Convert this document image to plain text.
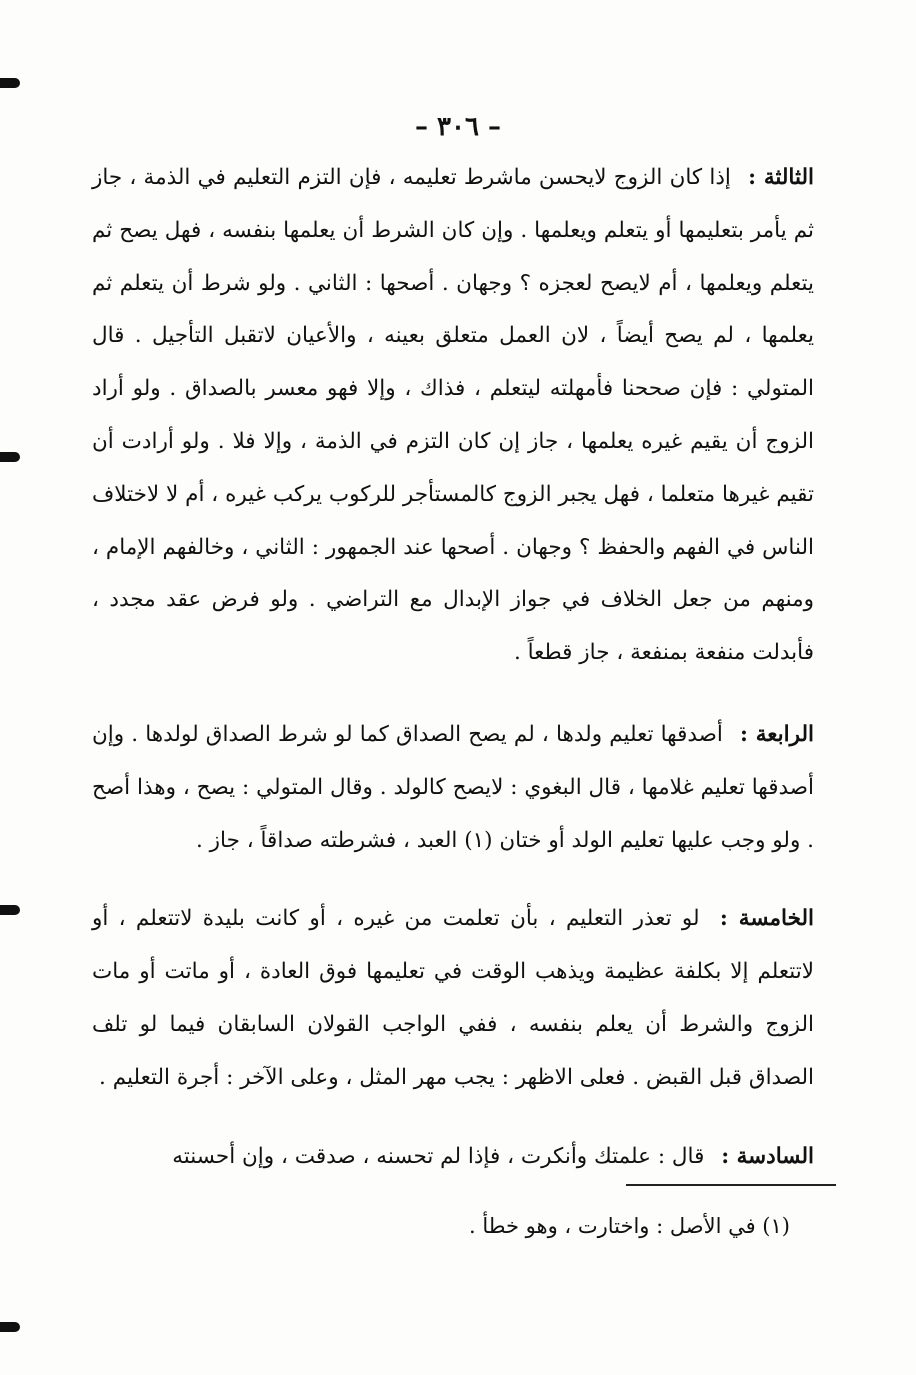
– ٣٠٦ –

الثالثة : إذا كان الزوج لايحسن ماشرط تعليمه ، فإن التزم التعليم في الذمة ، جاز ثم يأمر بتعليمها أو يتعلم ويعلمها . وإن كان الشرط أن يعلمها بنفسه ، فهل يصح ثم يتعلم ويعلمها ، أم لايصح لعجزه ؟ وجهان . أصحها : الثاني . ولو شرط أن يتعلم ثم يعلمها ، لم يصح أيضاً ، لان العمل متعلق بعينه ، والأعيان لاتقبل التأجيل . قال المتولي : فإن صححنا فأمهلته ليتعلم ، فذاك ، وإلا فهو معسر بالصداق . ولو أراد الزوج أن يقيم غيره يعلمها ، جاز إن كان التزم في الذمة ، وإلا فلا . ولو أرادت أن تقيم غيرها متعلما ، فهل يجبر الزوج كالمستأجر للركوب يركب غيره ، أم لا لاختلاف الناس في الفهم والحفظ ؟ وجهان . أصحها عند الجمهور : الثاني ، وخالفهم الإمام ، ومنهم من جعل الخلاف في جواز الإبدال مع التراضي . ولو فرض عقد مجدد ، فأبدلت منفعة بمنفعة ، جاز قطعاً .

الرابعة : أصدقها تعليم ولدها ، لم يصح الصداق كما لو شرط الصداق لولدها . وإن أصدقها تعليم غلامها ، قال البغوي : لايصح كالولد . وقال المتولي : يصح ، وهذا أصح . ولو وجب عليها تعليم الولد أو ختان (١) العبد ، فشرطته صداقاً ، جاز .

الخامسة : لو تعذر التعليم ، بأن تعلمت من غيره ، أو كانت بليدة لاتتعلم ، أو لاتتعلم إلا بكلفة عظيمة ويذهب الوقت في تعليمها فوق العادة ، أو ماتت أو مات الزوج والشرط أن يعلم بنفسه ، ففي الواجب القولان السابقان فيما لو تلف الصداق قبل القبض . فعلى الاظهر : يجب مهر المثل ، وعلى الآخر : أجرة التعليم .

السادسة : قال : علمتك وأنكرت ، فإذا لم تحسنه ، صدقت ، وإن أحسنته

(١) في الأصل : واختارت ، وهو خطأ .
